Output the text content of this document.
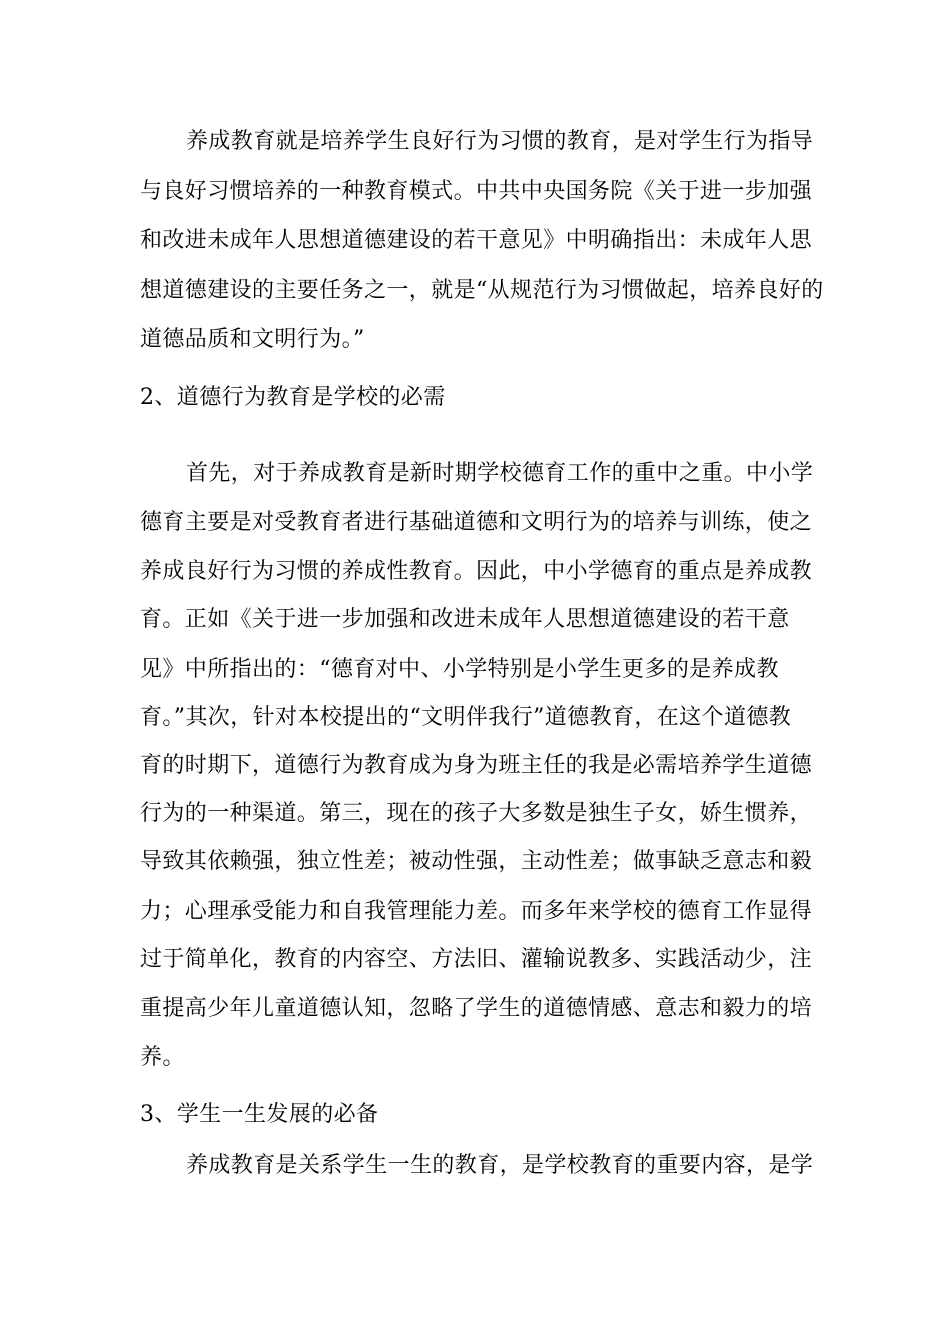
养成教育就是培养学生良好行为习惯的教育，是对学生行为指导
与良好习惯培养的一种教育模式。中共中央国务院《关于进一步加强
和改进未成年人思想道德建设的若干意见》中明确指出：未成年人思
想道德建设的主要任务之一，就是“从规范行为习惯做起，培养良好的
道德品质和文明行为。”
2、道德行为教育是学校的必需
首先，对于养成教育是新时期学校德育工作的重中之重。中小学
德育主要是对受教育者进行基础道德和文明行为的培养与训练，使之
养成良好行为习惯的养成性教育。因此，中小学德育的重点是养成教
育。正如《关于进一步加强和改进未成年人思想道德建设的若干意
见》中所指出的：“德育对中、小学特别是小学生更多的是养成教
育。”其次，针对本校提出的“文明伴我行”道德教育，在这个道德教
育的时期下，道德行为教育成为身为班主任的我是必需培养学生道德
行为的一种渠道。第三，现在的孩子大多数是独生子女，娇生惯养，
导致其依赖强，独立性差；被动性强，主动性差；做事缺乏意志和毅
力；心理承受能力和自我管理能力差。而多年来学校的德育工作显得
过于简单化，教育的内容空、方法旧、灌输说教多、实践活动少，注
重提高少年儿童道德认知，忽略了学生的道德情感、意志和毅力的培
养。
3、学生一生发展的必备
养成教育是关系学生一生的教育，是学校教育的重要内容，是学
